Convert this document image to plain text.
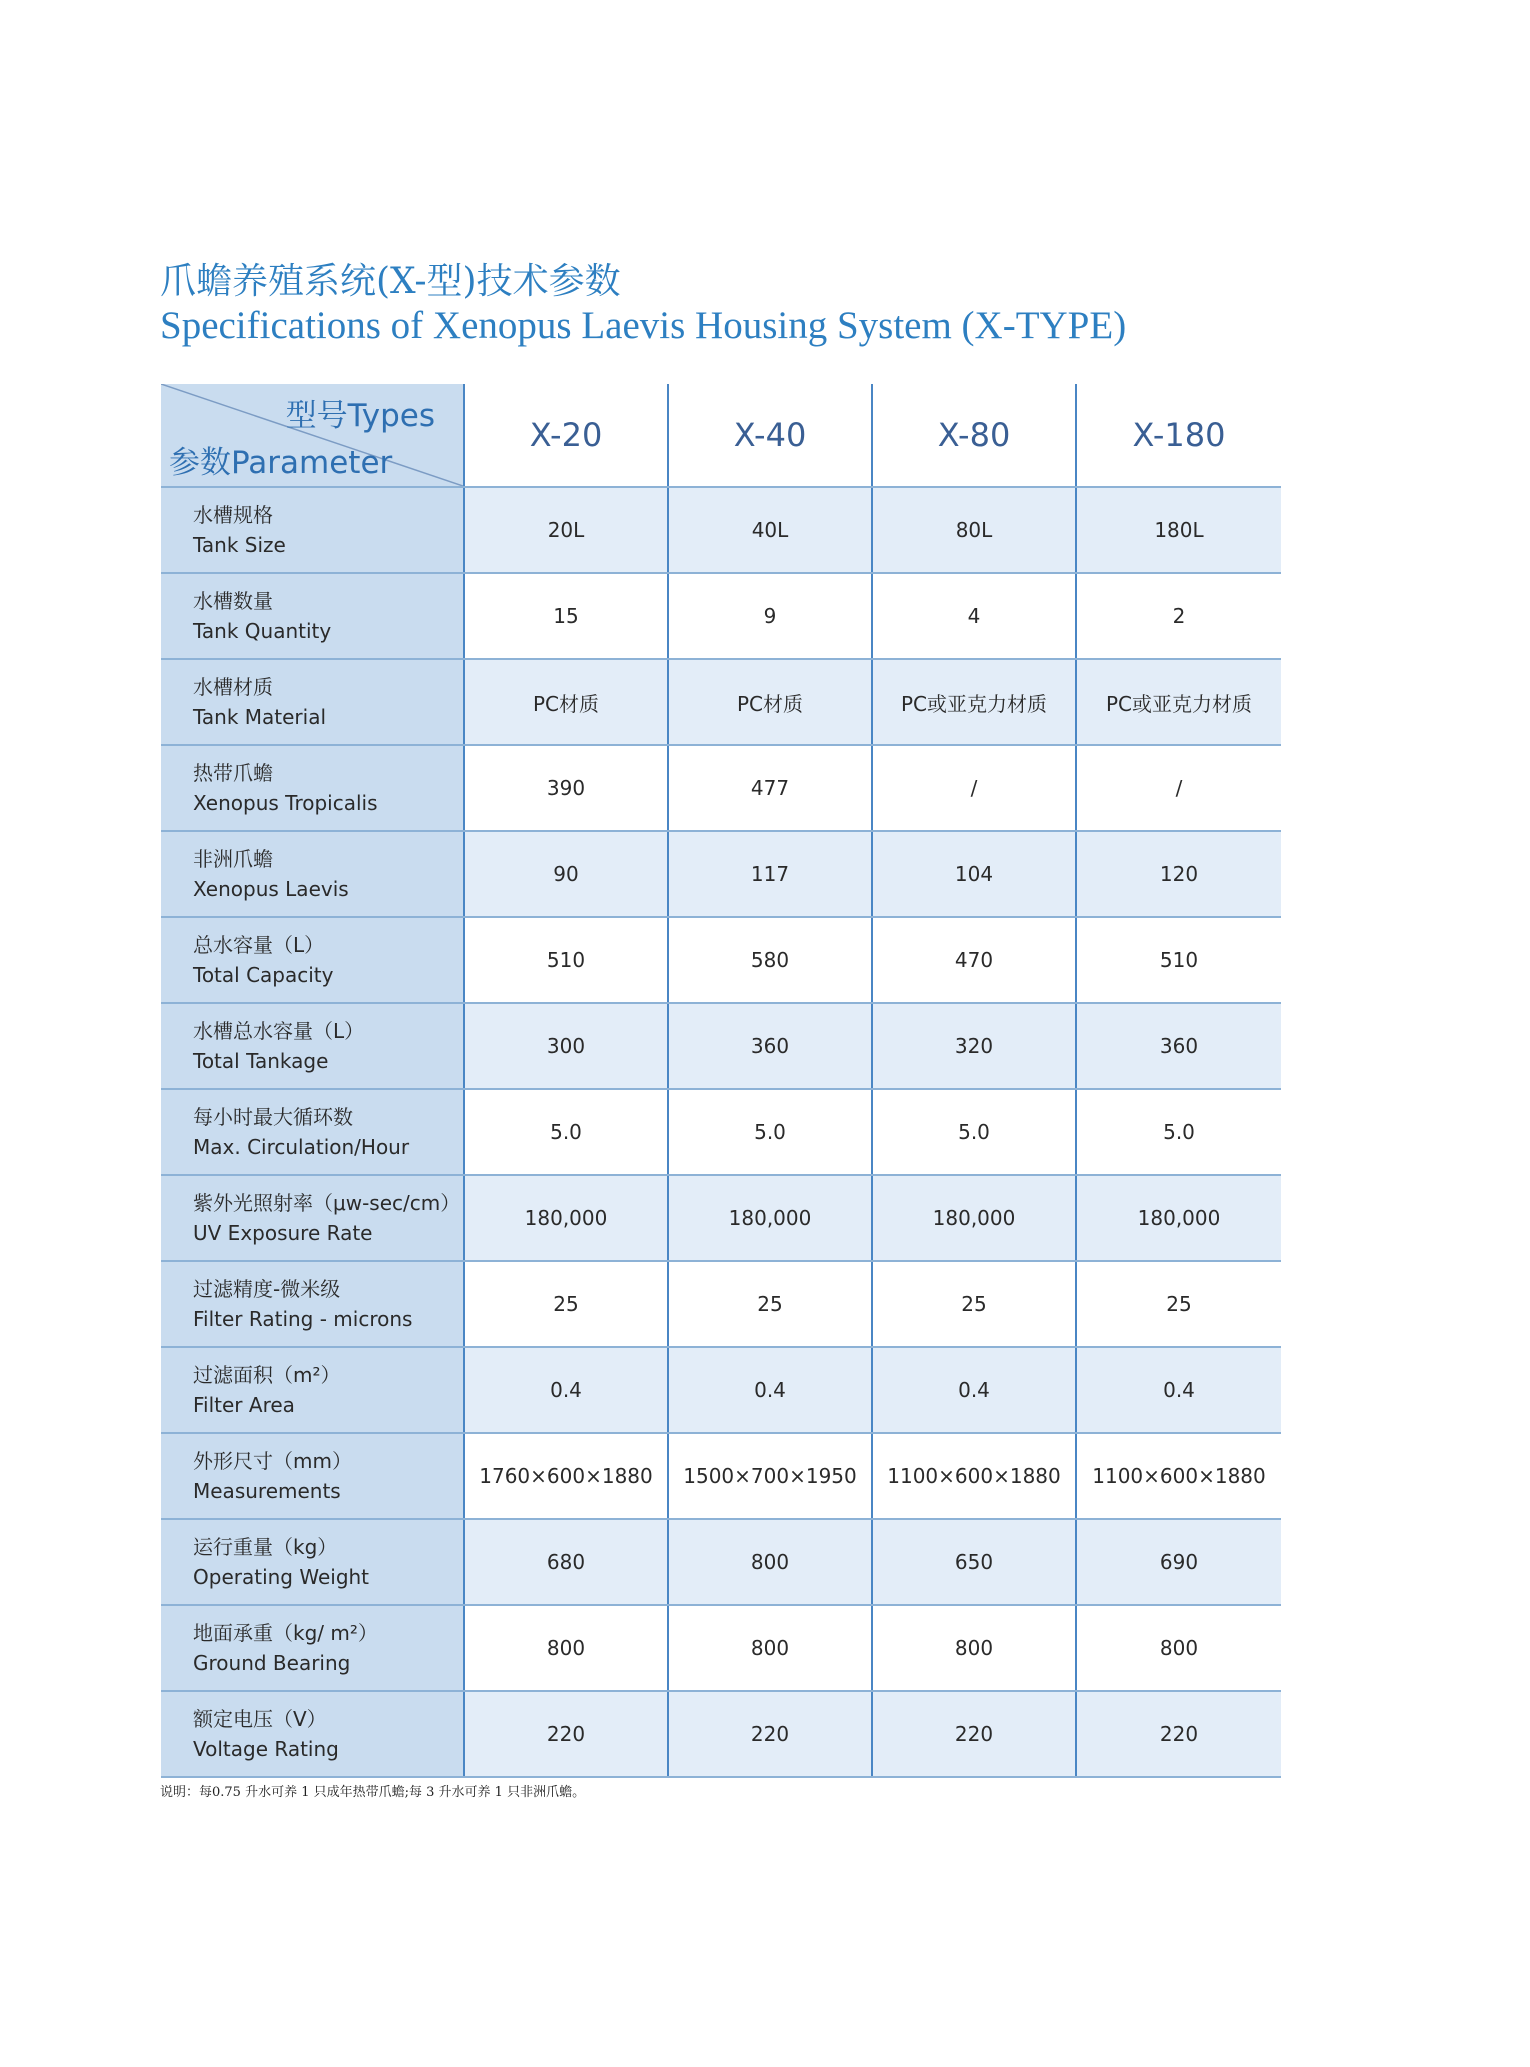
爪蟾养殖系统(X-型)技术参数
Specifications of Xenopus Laevis Housing System (X-TYPE)
型号Types
参数Parameter	X-20	X-40	X-80	X-180

水槽规格
Tank Size	20L	40L	80L	180L

水槽数量
Tank Quantity	15	9	4	2

水槽材质
Tank Material	PC材质	PC材质	PC或亚克力材质	PC或亚克力材质

热带爪蟾
Xenopus Tropicalis	390	477	/	/

非洲爪蟾
Xenopus Laevis	90	117	104	120

总水容量（L）
Total Capacity	510	580	470	510

水槽总水容量（L）
Total Tankage	300	360	320	360

每小时最大循环数
Max. Circulation/Hour	5.0	5.0	5.0	5.0

紫外光照射率（μw-sec/cm）
UV Exposure Rate	180,000	180,000	180,000	180,000

过滤精度-微米级
Filter Rating - microns	25	25	25	25

过滤面积（m²）
Filter Area	0.4	0.4	0.4	0.4

外形尺寸（mm）
Measurements	1760×600×1880	1500×700×1950	1100×600×1880	1100×600×1880

运行重量（kg）
Operating Weight	680	800	650	690

地面承重（kg/ m²）
Ground Bearing	800	800	800	800

额定电压（V）
Voltage Rating	220	220	220	220
说明：每0.75 升水可养 1 只成年热带爪蟾;每 3 升水可养 1 只非洲爪蟾。
